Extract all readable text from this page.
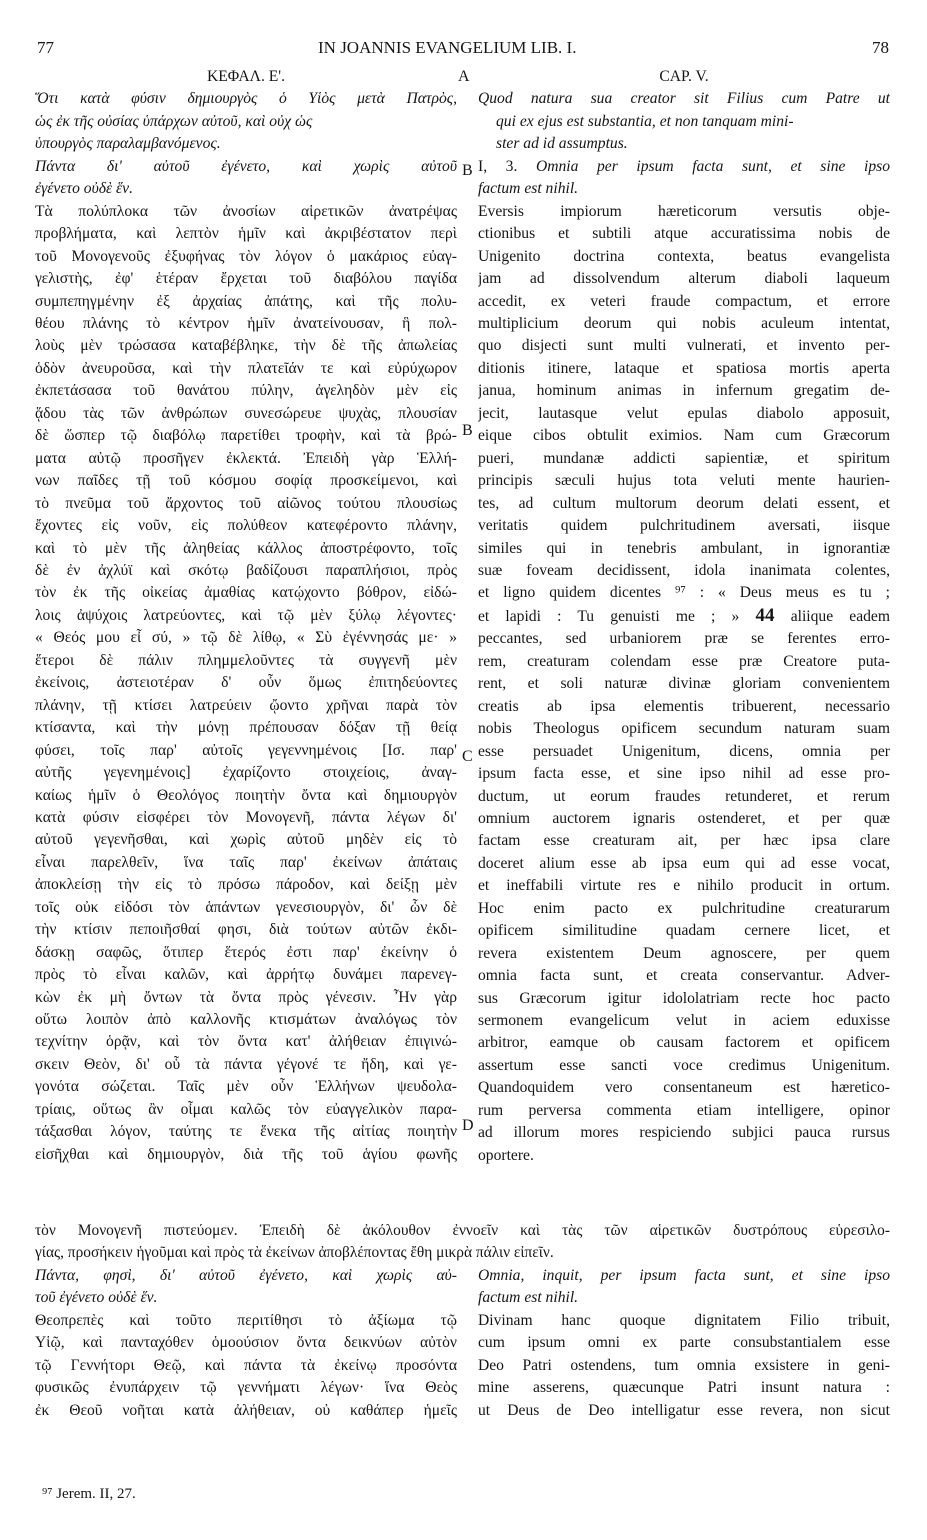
77	IN JOANNIS EVANGELIUM LIB. I.	78
A
B
B
C
D

ΚΕΦΑΛ. Ε'.

Ὅτι κατὰ φύσιν δημιουργὸς ὁ Υἱὸς μετὰ Πατρὸς,

ὡς ἐκ τῆς οὐσίας ὑπάρχων αὐτοῦ, καὶ οὐχ ὡς

ὑπουργὸς παραλαμβανόμενος.

Πάντα δι' αὐτοῦ ἐγένετο, καὶ χωρὶς αὐτοῦ

ἐγένετο οὐδὲ ἕν.

Τὰ πολύπλοκα τῶν ἀνοσίων αἱρετικῶν ἀνατρέψας

προβλήματα, καὶ λεπτὸν ἡμῖν καὶ ἀκριβέστατον περὶ

τοῦ Μονογενοῦς ἐξυφήνας τὸν λόγον ὁ μακάριος εὐαγ-

γελιστὴς, ἐφ' ἑτέραν ἔρχεται τοῦ διαβόλου παγίδα

συμπεπηγμένην ἐξ ἀρχαίας ἀπάτης, καὶ τῆς πολυ-

θέου πλάνης τὸ κέντρον ἡμῖν ἀνατείνουσαν, ἣ πολ-

λοὺς μὲν τρώσασα καταβέβληκε, τὴν δὲ τῆς ἀπωλείας

ὁδὸν ἀνευροῦσα, καὶ τὴν πλατεῖάν τε καὶ εὐρύχωρον

ἐκπετάσασα τοῦ θανάτου πύλην, ἀγεληδὸν μὲν εἰς

ᾅδου τὰς τῶν ἀνθρώπων συνεσώρευε ψυχὰς, πλουσίαν

δὲ ὥσπερ τῷ διαβόλῳ παρετίθει τροφὴν, καὶ τὰ βρώ-

ματα αὐτῷ προσῆγεν ἐκλεκτά. Ἐπειδὴ γὰρ Ἑλλή-

νων παῖδες τῇ τοῦ κόσμου σοφίᾳ προσκείμενοι, καὶ

τὸ πνεῦμα τοῦ ἄρχοντος τοῦ αἰῶνος τούτου πλουσίως

ἔχοντες εἰς νοῦν, εἰς πολύθεον κατεφέροντο πλάνην,

καὶ τὸ μὲν τῆς ἀληθείας κάλλος ἀποστρέφοντο, τοῖς

δὲ ἐν ἀχλύϊ καὶ σκότῳ βαδίζουσι παραπλήσιοι, πρὸς

τὸν ἐκ τῆς οἰκείας ἀμαθίας κατῴχοντο βόθρον, εἰδώ-

λοις ἀψύχοις λατρεύοντες, καὶ τῷ μὲν ξύλῳ λέγοντες·

« Θεός μου εἶ σύ, » τῷ δὲ λίθῳ, « Σὺ ἐγέννησάς με· »

ἕτεροι δὲ πάλιν πλημμελοῦντες τὰ συγγενῆ μὲν

ἐκείνοις, ἀστειοτέραν δ' οὖν ὅμως ἐπιτηδεύοντες

πλάνην, τῇ κτίσει λατρεύειν ᾤοντο χρῆναι παρὰ τὸν

κτίσαντα, καὶ τὴν μόνῃ πρέπουσαν δόξαν τῇ θείᾳ

φύσει, τοῖς παρ' αὐτοῖς γεγεννημένοις [Ισ. παρ'

αὐτῆς γεγενημένοις] ἐχαρίζοντο στοιχείοις, ἀναγ-

καίως ἡμῖν ὁ Θεολόγος ποιητὴν ὄντα καὶ δημιουργὸν

κατὰ φύσιν εἰσφέρει τὸν Μονογενῆ, πάντα λέγων δι'

αὐτοῦ γεγενῆσθαι, καὶ χωρὶς αὐτοῦ μηδὲν εἰς τὸ

εἶναι παρελθεῖν, ἵνα ταῖς παρ' ἐκείνων ἀπάταις

ἀποκλείσῃ τὴν εἰς τὸ πρόσω πάροδον, καὶ δείξῃ μὲν

τοῖς οὐκ εἰδόσι τὸν ἁπάντων γενεσιουργὸν, δι' ὧν δὲ

τὴν κτίσιν πεποιῆσθαί φησι, διὰ τούτων αὐτῶν ἐκδι-

δάσκῃ σαφῶς, ὅτιπερ ἕτερός ἐστι παρ' ἐκείνην ὁ

πρὸς τὸ εἶναι καλῶν, καὶ ἀρρήτῳ δυνάμει παρενεγ-

κὼν ἐκ μὴ ὄντων τὰ ὄντα πρὸς γένεσιν. Ἦν γὰρ

οὕτω λοιπὸν ἀπὸ καλλονῆς κτισμάτων ἀναλόγως τὸν

τεχνίτην ὁρᾷν, καὶ τὸν ὄντα κατ' ἀλήθειαν ἐπιγινώ-

σκειν Θεὸν, δι' οὗ τὰ πάντα γέγονέ τε ἤδη, καὶ γε-

γονότα σώζεται. Ταῖς μὲν οὖν Ἑλλήνων ψευδολα-

τρίαις, οὕτως ἂν οἶμαι καλῶς τὸν εὐαγγελικὸν παρα-

τάξασθαι λόγον, ταύτης τε ἕνεκα τῆς αἰτίας ποιητὴν

εἰσῆχθαι καὶ δημιουργὸν, διὰ τῆς τοῦ ἁγίου φωνῆς

CAP. V.

Quod natura sua creator sit Filius cum Patre ut

qui ex ejus est substantia, et non tanquam mini-

ster ad id assumptus.

I, 3. Omnia per ipsum facta sunt, et sine ipso

factum est nihil.

Eversis impiorum hæreticorum versutis obje-

ctionibus et subtili atque accuratissima nobis de

Unigenito doctrina contexta, beatus evangelista

jam ad dissolvendum alterum diaboli laqueum

accedit, ex veteri fraude compactum, et errore

multiplicium deorum qui nobis aculeum intentat,

quo disjecti sunt multi vulnerati, et invento per-

ditionis itinere, lataque et spatiosa mortis aperta

janua, hominum animas in infernum gregatim de-

jecit, lautasque velut epulas diabolo apposuit,

eique cibos obtulit eximios. Nam cum Græcorum

pueri, mundanæ addicti sapientiæ, et spiritum

principis sæculi hujus tota veluti mente haurien-

tes, ad cultum multorum deorum delati essent, et

veritatis quidem pulchritudinem aversati, iisque

similes qui in tenebris ambulant, in ignorantiæ

suæ foveam decidissent, idola inanimata colentes,

et ligno quidem dicentes ⁹⁷ : « Deus meus es tu ;

et lapidi : Tu genuisti me ; » 44 aliique eadem

peccantes, sed urbaniorem præ se ferentes erro-

rem, creaturam colendam esse præ Creatore puta-

rent, et soli naturæ divinæ gloriam convenientem

creatis ab ipsa elementis tribuerent, necessario

nobis Theologus opificem secundum naturam suam

esse persuadet Unigenitum, dicens, omnia per

ipsum facta esse, et sine ipso nihil ad esse pro-

ductum, ut eorum fraudes retunderet, et rerum

omnium auctorem ignaris ostenderet, et per quæ

factam esse creaturam ait, per hæc ipsa clare

doceret alium esse ab ipsa eum qui ad esse vocat,

et ineffabili virtute res e nihilo producit in ortum.

Hoc enim pacto ex pulchritudine creaturarum

opificem similitudine quadam cernere licet, et

revera existentem Deum agnoscere, per quem

omnia facta sunt, et creata conservantur. Adver-

sus Græcorum igitur idololatriam recte hoc pacto

sermonem evangelicum velut in aciem eduxisse

arbitror, eamque ob causam factorem et opificem

assertum esse sancti voce credimus Unigenitum.

Quandoquidem vero consentaneum est hæretico-

rum perversa commenta etiam intelligere, opinor

ad illorum mores respiciendo subjici pauca rursus

oportere.

τὸν Μονογενῆ πιστεύομεν. Ἐπειδὴ δὲ ἀκόλουθον ἐννοεῖν καὶ τὰς τῶν αἱρετικῶν δυστρόπους εὑρεσιλο-

γίας, προσήκειν ἡγοῦμαι καὶ πρὸς τὰ ἐκείνων ἀποβλέποντας ἔθη μικρὰ πάλιν εἰπεῖν.

Πάντα, φησὶ, δι' αὐτοῦ ἐγένετο, καὶ χωρὶς αὐ-

τοῦ ἐγένετο οὐδὲ ἕν.

Θεοπρεπὲς καὶ τοῦτο περιτίθησι τὸ ἀξίωμα τῷ

Υἱῷ, καὶ πανταχόθεν ὁμοούσιον ὄντα δεικνύων αὐτὸν

τῷ Γεννήτορι Θεῷ, καὶ πάντα τὰ ἐκείνῳ προσόντα

φυσικῶς ἐνυπάρχειν τῷ γεννήματι λέγων· ἵνα Θεὸς

ἐκ Θεοῦ νοῆται κατὰ ἀλήθειαν, οὐ καθάπερ ἡμεῖς

Omnia, inquit, per ipsum facta sunt, et sine ipso

factum est nihil.

Divinam hanc quoque dignitatem Filio tribuit,

cum ipsum omni ex parte consubstantialem esse

Deo Patri ostendens, tum omnia exsistere in geni-

mine asserens, quæcunque Patri insunt natura :

ut Deus de Deo intelligatur esse revera, non sicut

⁹⁷ Jerem. II, 27.
